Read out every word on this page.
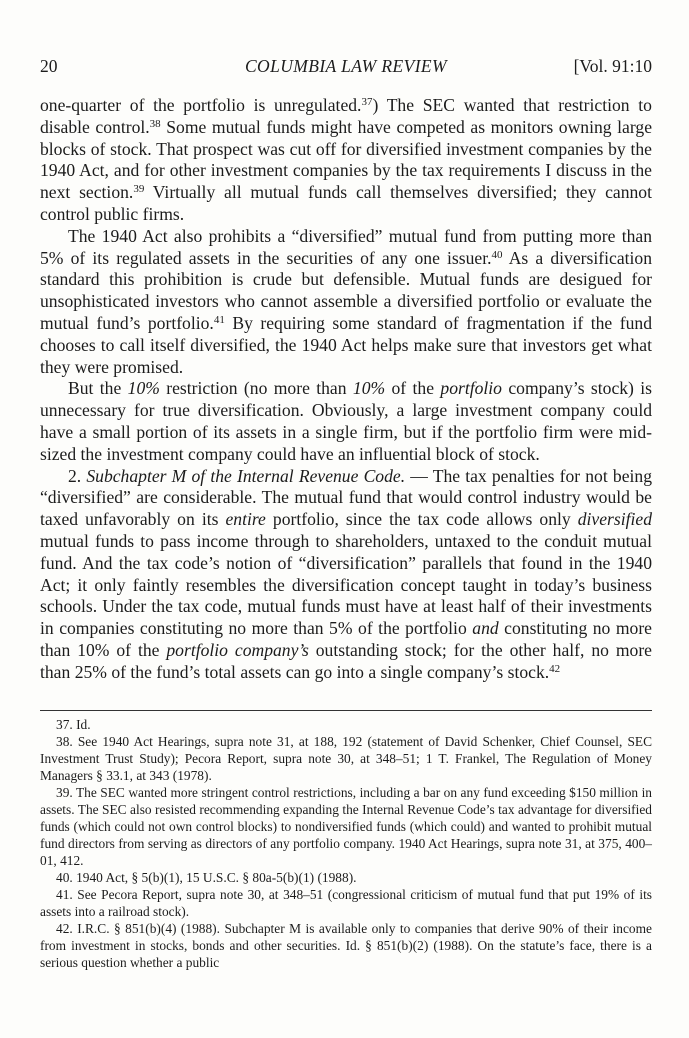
20	COLUMBIA LAW REVIEW	[Vol. 91:10

one-quarter of the portfolio is unregulated.$^{37}$) The SEC wanted that restriction to disable control.$^{38}$ Some mutual funds might have competed as monitors owning large blocks of stock. That prospect was cut off for diversified investment companies by the 1940 Act, and for other investment companies by the tax requirements I discuss in the next section.$^{39}$ Virtually all mutual funds call themselves diversified; they cannot control public firms.

The 1940 Act also prohibits a “diversified” mutual fund from putting more than 5% of its regulated assets in the securities of any one issuer.$^{40}$ As a diversification standard this prohibition is crude but defensible. Mutual funds are desigued for unsophisticated investors who cannot assemble a diversified portfolio or evaluate the mutual fund’s portfolio.$^{41}$ By requiring some standard of fragmentation if the fund chooses to call itself diversified, the 1940 Act helps make sure that investors get what they were promised.

But the 10% restriction (no more than 10% of the portfolio company’s stock) is unnecessary for true diversification. Obviously, a large investment company could have a small portion of its assets in a single firm, but if the portfolio firm were mid-sized the investment company could have an influential block of stock.

2. Subchapter M of the Internal Revenue Code. — The tax penalties for not being “diversified” are considerable. The mutual fund that would control industry would be taxed unfavorably on its entire portfolio, since the tax code allows only diversified mutual funds to pass income through to shareholders, untaxed to the conduit mutual fund. And the tax code’s notion of “diversification” parallels that found in the 1940 Act; it only faintly resembles the diversification concept taught in today’s business schools. Under the tax code, mutual funds must have at least half of their investments in companies constituting no more than 5% of the portfolio and constituting no more than 10% of the portfolio company’s outstanding stock; for the other half, no more than 25% of the fund’s total assets can go into a single company’s stock.$^{42}$

37. Id.

38. See 1940 Act Hearings, supra note 31, at 188, 192 (statement of David Schenker, Chief Counsel, SEC Investment Trust Study); Pecora Report, supra note 30, at 348–51; 1 T. Frankel, The Regulation of Money Managers § 33.1, at 343 (1978).

39. The SEC wanted more stringent control restrictions, including a bar on any fund exceeding $150 million in assets. The SEC also resisted recommending expanding the Internal Revenue Code’s tax advantage for diversified funds (which could not own control blocks) to nondiversified funds (which could) and wanted to prohibit mutual fund directors from serving as directors of any portfolio company. 1940 Act Hearings, supra note 31, at 375, 400–01, 412.

40. 1940 Act, § 5(b)(1), 15 U.S.C. § 80a-5(b)(1) (1988).

41. See Pecora Report, supra note 30, at 348–51 (congressional criticism of mutual fund that put 19% of its assets into a railroad stock).

42. I.R.C. § 851(b)(4) (1988). Subchapter M is available only to companies that derive 90% of their income from investment in stocks, bonds and other securities. Id. § 851(b)(2) (1988). On the statute’s face, there is a serious question whether a public
